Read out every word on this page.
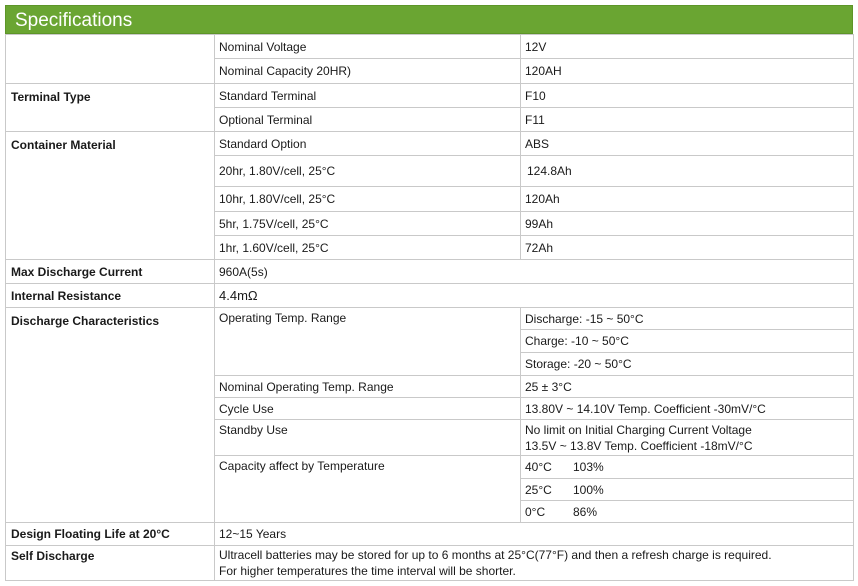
Specifications
	Nominal Voltage	12V
	Nominal Capacity 20HR)	120AH
Terminal Type	Standard Terminal	F10
	Optional Terminal	F11
Container Material	Standard Option	ABS
	20hr, 1.80V/cell, 25°C	124.8Ah
	10hr, 1.80V/cell, 25°C	120Ah
	5hr, 1.75V/cell, 25°C	99Ah
	1hr, 1.60V/cell, 25°C	72Ah
Max Discharge Current	960A(5s)	
Internal Resistance	4.4mΩ	
Discharge Characteristics	Operating Temp. Range	Discharge: -15 ~ 50°C
		Charge: -10 ~ 50°C
		Storage: -20 ~ 50°C
	Nominal Operating Temp. Range	25 ± 3°C
	Cycle Use	13.80V ~ 14.10V Temp. Coefficient -30mV/°C
	Standby Use	No limit on Initial Charging Current Voltage
13.5V ~ 13.8V Temp. Coefficient -18mV/°C

	Capacity affect by Temperature	40°C 103%
		25°C 100%
		0°C 86%
Design Floating Life at 20°C	12~15 Years	
Self Discharge	Ultracell batteries may be stored for up to 6 months at 25°C(77°F) and then a refresh charge is required.
For higher temperatures the time interval will be shorter.	
